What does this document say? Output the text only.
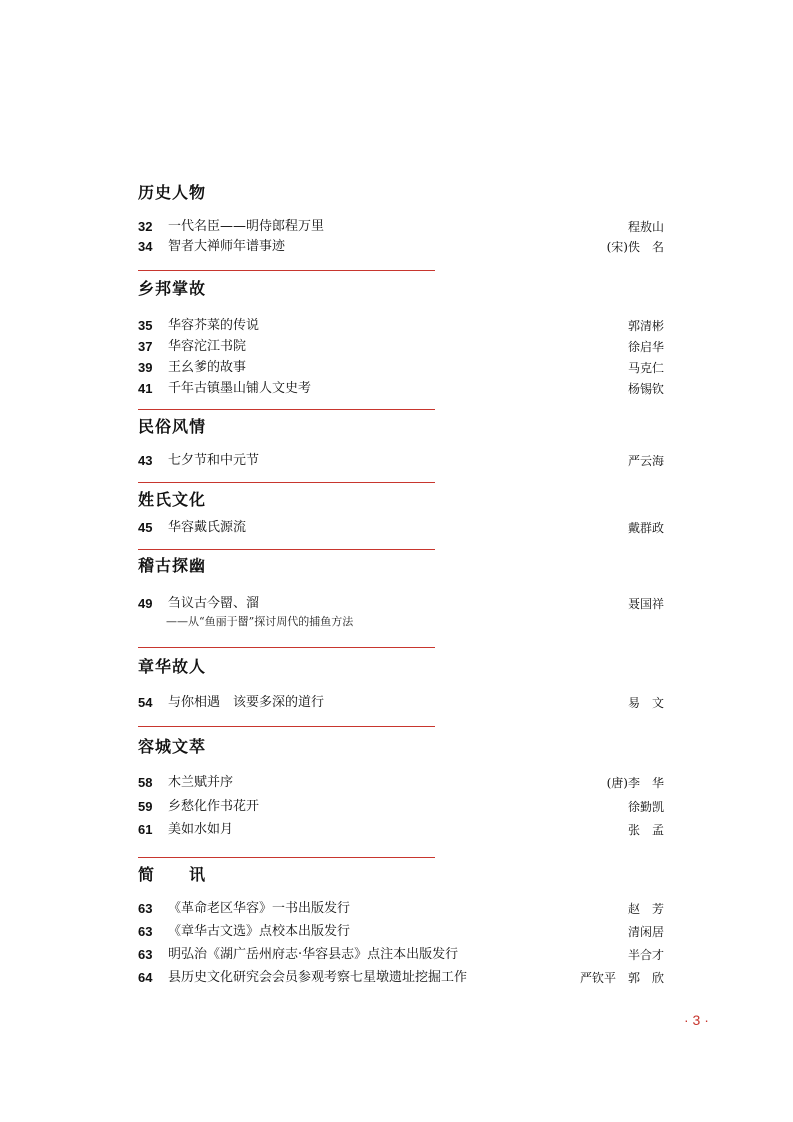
历史人物
32 一代名臣——明侍郎程万里	程敖山
34 智者大禅师年谱事迹	(宋)佚　名
乡邦掌故
35 华容芥菜的传说	郭清彬
37 华容沱江书院	徐启华
39 王幺爹的故事	马克仁
41 千年古镇墨山铺人文史考	杨锡钦
民俗风情
43 七夕节和中元节	严云海
姓氏文化
45 华容戴氏源流	戴群政
稽古探幽
49 刍议古今罶、溜	聂国祥
——从“鱼丽于罶”探讨周代的捕鱼方法
章华故人
54 与你相遇　该要多深的道行	易　文
容城文萃
58 木兰赋并序	(唐)李　华
59 乡愁化作书花开	徐勤凯
61 美如水如月	张　孟
简　　讯
63 《革命老区华容》一书出版发行	赵　芳
63 《章华古文选》点校本出版发行	清闲居
63 明弘治《湖广岳州府志·华容县志》点注本出版发行	半合才
64 县历史文化研究会会员参观考察七星墩遗址挖掘工作	严钦平　郭　欣
· 3 ·
